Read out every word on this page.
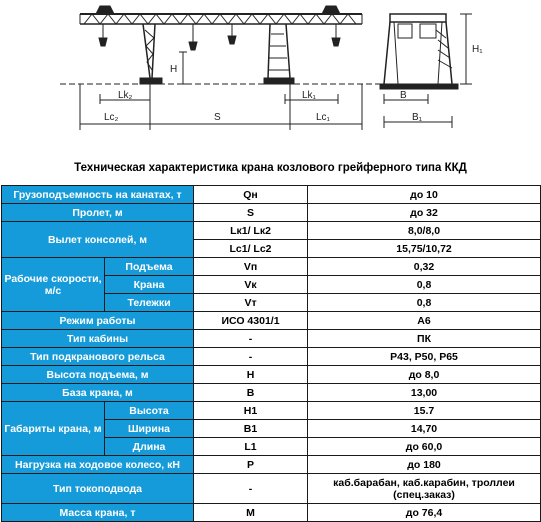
H
Lk₂	Lk₁
Lc₂	S	Lc₁
H₁
B
B₁
Техническая характеристика крана козлового грейферного типа ККД
Грузоподъемность на канатах, т		Qн	до 10
Пролет, м		S	до 32
Вылет консолей, м		Lк1/ Lк2	8,0/8,0
		Lc1/ Lc2	15,75/10,72
Рабочие скорости, м/с	Подъема	Vп	0,32
	Крана	Vк	0,8
	Тележки	Vт	0,8
Режим работы		ИСО 4301/1	А6
Тип кабины		-	ПК
Тип подкранового рельса		-	Р43, Р50, Р65
Высота подъема, м		H	до 8,0
База крана, м		B	13,00
Габариты крана, м	Высота	H1	15.7
	Ширина	B1	14,70
	Длина	L1	до 60,0
Нагрузка на ходовое колесо, кН		P	до 180
Тип токоподвода		-	каб.барабан, каб.карабин, троллеи (спец.заказ)
Масса крана, т		M	до 76,4
